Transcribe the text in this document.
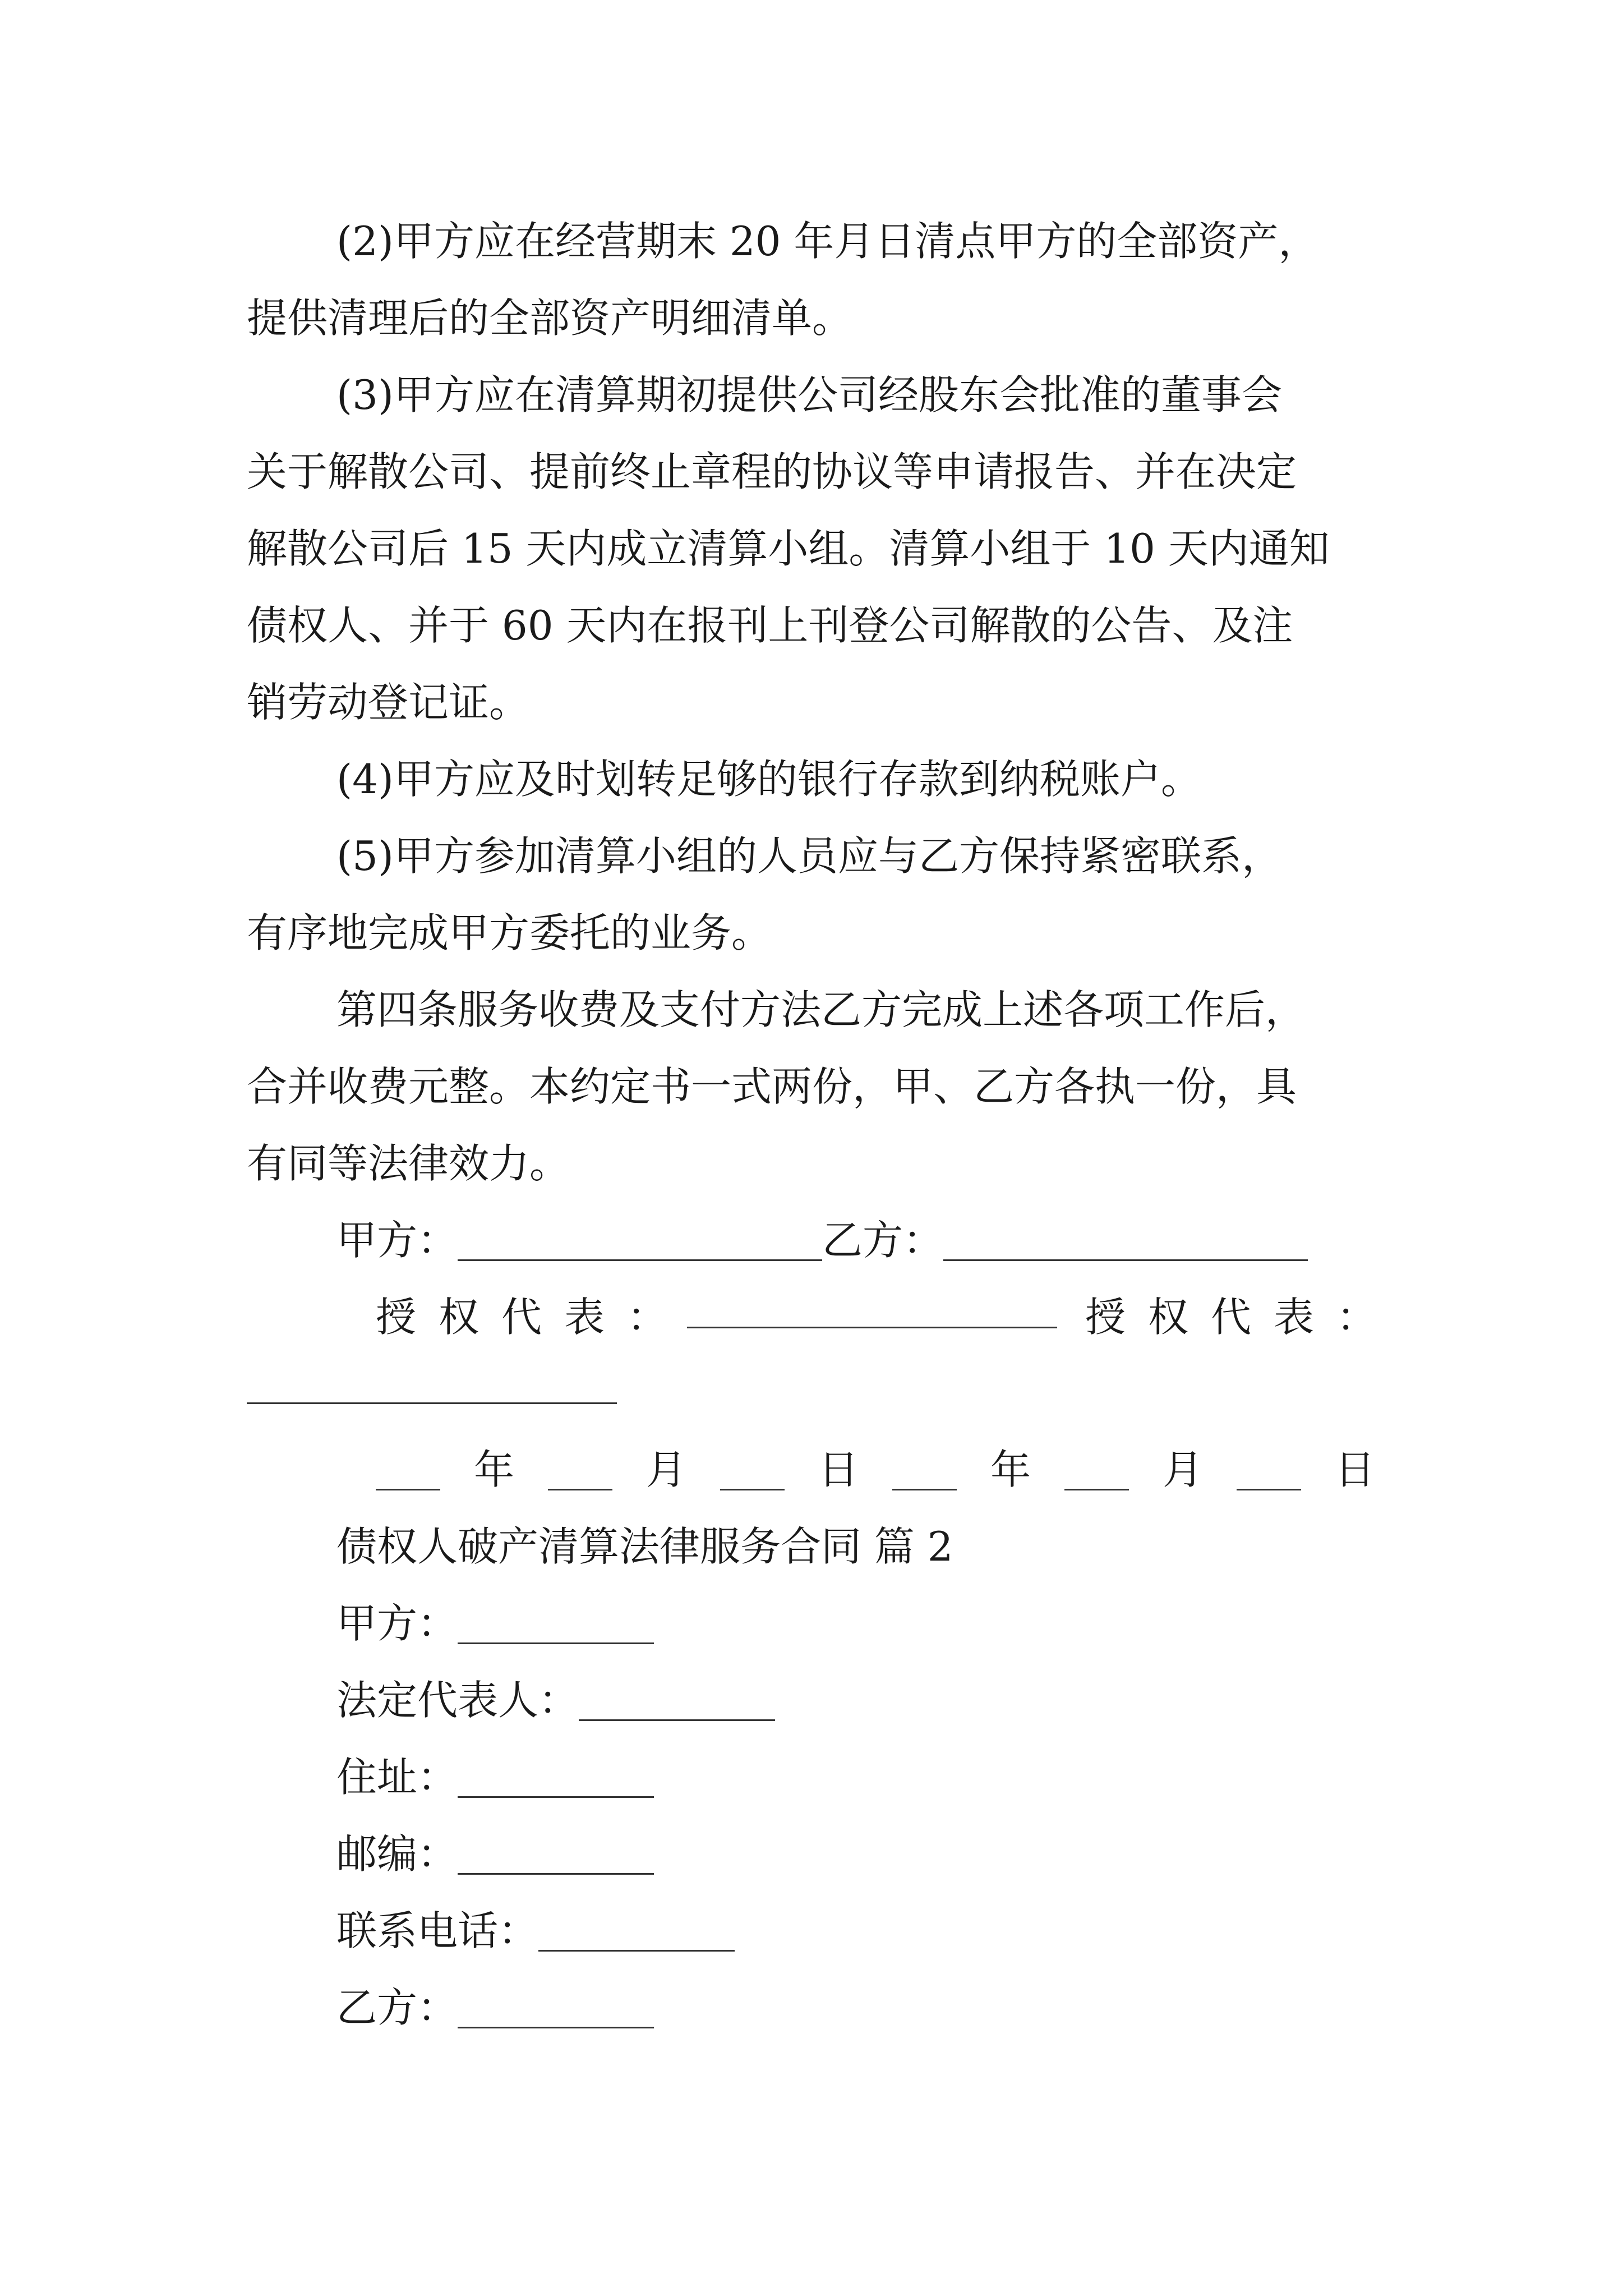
(2)甲方应在经营期末 20 年月日清点甲方的全部资产，
提供清理后的全部资产明细清单。
(3)甲方应在清算期初提供公司经股东会批准的董事会
关于解散公司、提前终止章程的协议等申请报告、并在决定
解散公司后 15 天内成立清算小组。清算小组于 10 天内通知
债权人、并于 60 天内在报刊上刊登公司解散的公告、及注
销劳动登记证。
(4)甲方应及时划转足够的银行存款到纳税账户。
(5)甲方参加清算小组的人员应与乙方保持紧密联系，
有序地完成甲方委托的业务。
第四条服务收费及支付方法乙方完成上述各项工作后，
合并收费元整。本约定书一式两份，甲、乙方各执一份，具
有同等法律效力。
甲方：	乙方：
授权代表：	授权代表：
年	月	日	年	月	日
债权人破产清算法律服务合同 篇 2
甲方：
法定代表人：
住址：
邮编：
联系电话：
乙方：
